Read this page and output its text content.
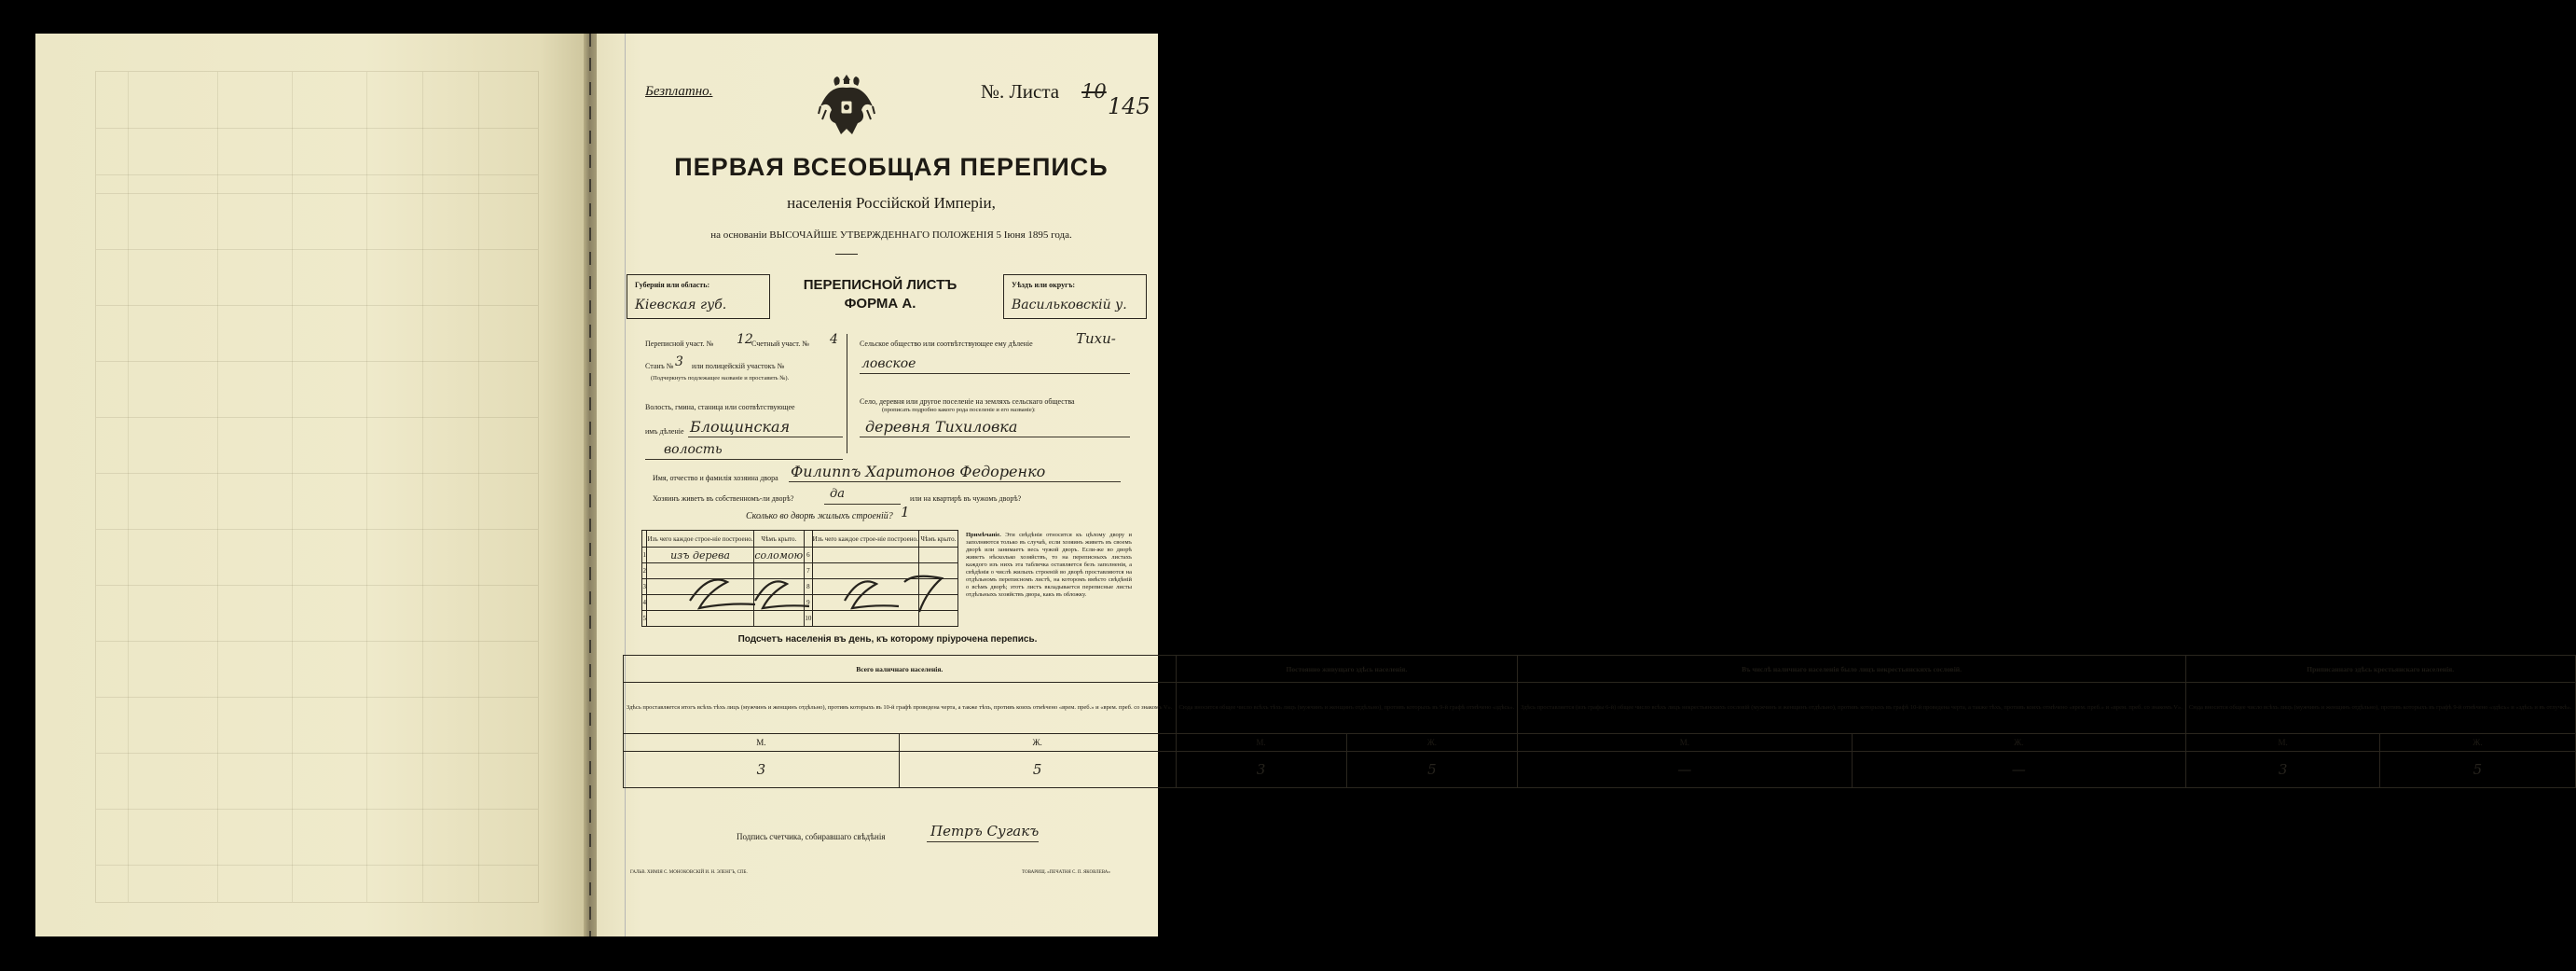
Безплатно.	№. Листа 10
145
ПЕРВАЯ ВСЕОБЩАЯ ПЕРЕПИСЬ
населенія Россійской Имперіи,
на основаніи ВЫСОЧАЙШЕ УТВЕРЖДЕННАГО ПОЛОЖЕНІЯ 5 Іюня 1895 года.
Губернія или область:
Кіевская губ.
ПЕРЕПИСНОЙ ЛИСТЪ
ФОРМА А.
Уѣздъ или округъ:
Васильковскій у.
Переписной участ. № 12
Счетный участ. № 4
Станъ № 3 или полицейскій участокъ №
(Подчеркнуть подлежащее названіе и проставить №).
Волость, гмина, станица или соотвѣтствующее
имъ дѣленіе Блощинская
волость
Сельское общество или соотвѣтствующее ему дѣленіе	Тихи-
ловское
Село, деревня или другое поселеніе на земляхъ сельскаго общества
(прописать подробно какого рода поселеніе и его названіе):
деревня Тихиловка
Имя, отчество и фамилія хозяина двора Филиппъ Харитонов Федоренко
Хозяинъ живетъ въ собственномъ-ли дворѣ?	да	или на квартирѣ въ чужомъ дворѣ?
Сколько во дворѣ жилыхъ строеній? 1
	Изъ чего каждое строе-ніе построено.	Чѣмъ крыто.		Изъ чего каждое строе-ніе построено.	Чѣмъ крыто.
1	изъ дерева	соломою	6		
2			7		
3			8		
4			9		
5			10		
Примѣчаніе. Эти свѣдѣнія относятся къ цѣлому двору и заполняются только въ случаѣ, если хозяинъ живетъ въ своемъ дворѣ или занимаетъ весь чужой дворъ. Если-же во дворѣ живетъ нѣсколько хозяйствъ, то на переписныхъ листахъ каждого изъ нихъ эта табличка оставляется безъ заполненія, а свѣдѣнія о числѣ жилыхъ строеній во дворѣ проставляются на отдѣльномъ переписномъ листѣ, на которомъ вмѣсто свѣдѣній о всѣмъ дворѣ; этотъ листъ вкладывается переписные листы отдѣльныхъ хозяйствъ двора, какъ въ обложку.
Подсчетъ населенія въ день, къ которому пріурочена перепись.
Всего наличнаго населенія.		Постоянно живущаго здѣсь населенія.		Въ числѣ наличнаго населенія было лицъ некрестьянскихъ сословій.		Приписаннаго здѣсь крестьянскаго населенія.	
Здѣсь проставляется итогъ всѣхъ тѣхъ лицъ (мужчинъ и женщинъ отдѣльно), противъ которыхъ въ 10-й графѣ проведена черта, а также тѣхъ, противъ коихъ отмѣчено «врем. преб.» и «врем. преб. со знакомъ V».		Сюда вносится общее число всѣхъ тѣхъ лицъ (мужчинъ и женщинъ отдѣльно), противъ которыхъ въ 9-й графѣ отмѣчено «здѣсь».		Здѣсь проставляется (изъ графы 6-й) общее число всѣхъ лицъ некрестьянскихъ сословій (мужчинъ и женщинъ отдѣльно), противъ которыхъ въ графѣ 10-й проведена черта, а также тѣхъ, противъ коихъ отмѣчено «врем. преб.» и «врем. преб. со знакомъ V».		Сюда вносится общее число всѣхъ лицъ (мужчинъ и женщинъ отдѣльно), противъ которыхъ въ графѣ 9-й отмѣчено «здѣсь» и «здѣсь и въ отлучкѣ».	
М.	Ж.	М.	Ж.	М.	Ж.	М.	Ж.
3	5	3	5	—	—	3	5
Подпись счетчика, собиравшаго свѣдѣнія	Петръ Сугакъ
ГАЛЬВ. ХИМІЯ С. МОНОКОВСКІЙ И. Н. ЭЛЕНГЪ, СПБ.	ТОВАРИЩ. «ПЕЧАТНЯ С. П. ЯКОВЛЕВА»
